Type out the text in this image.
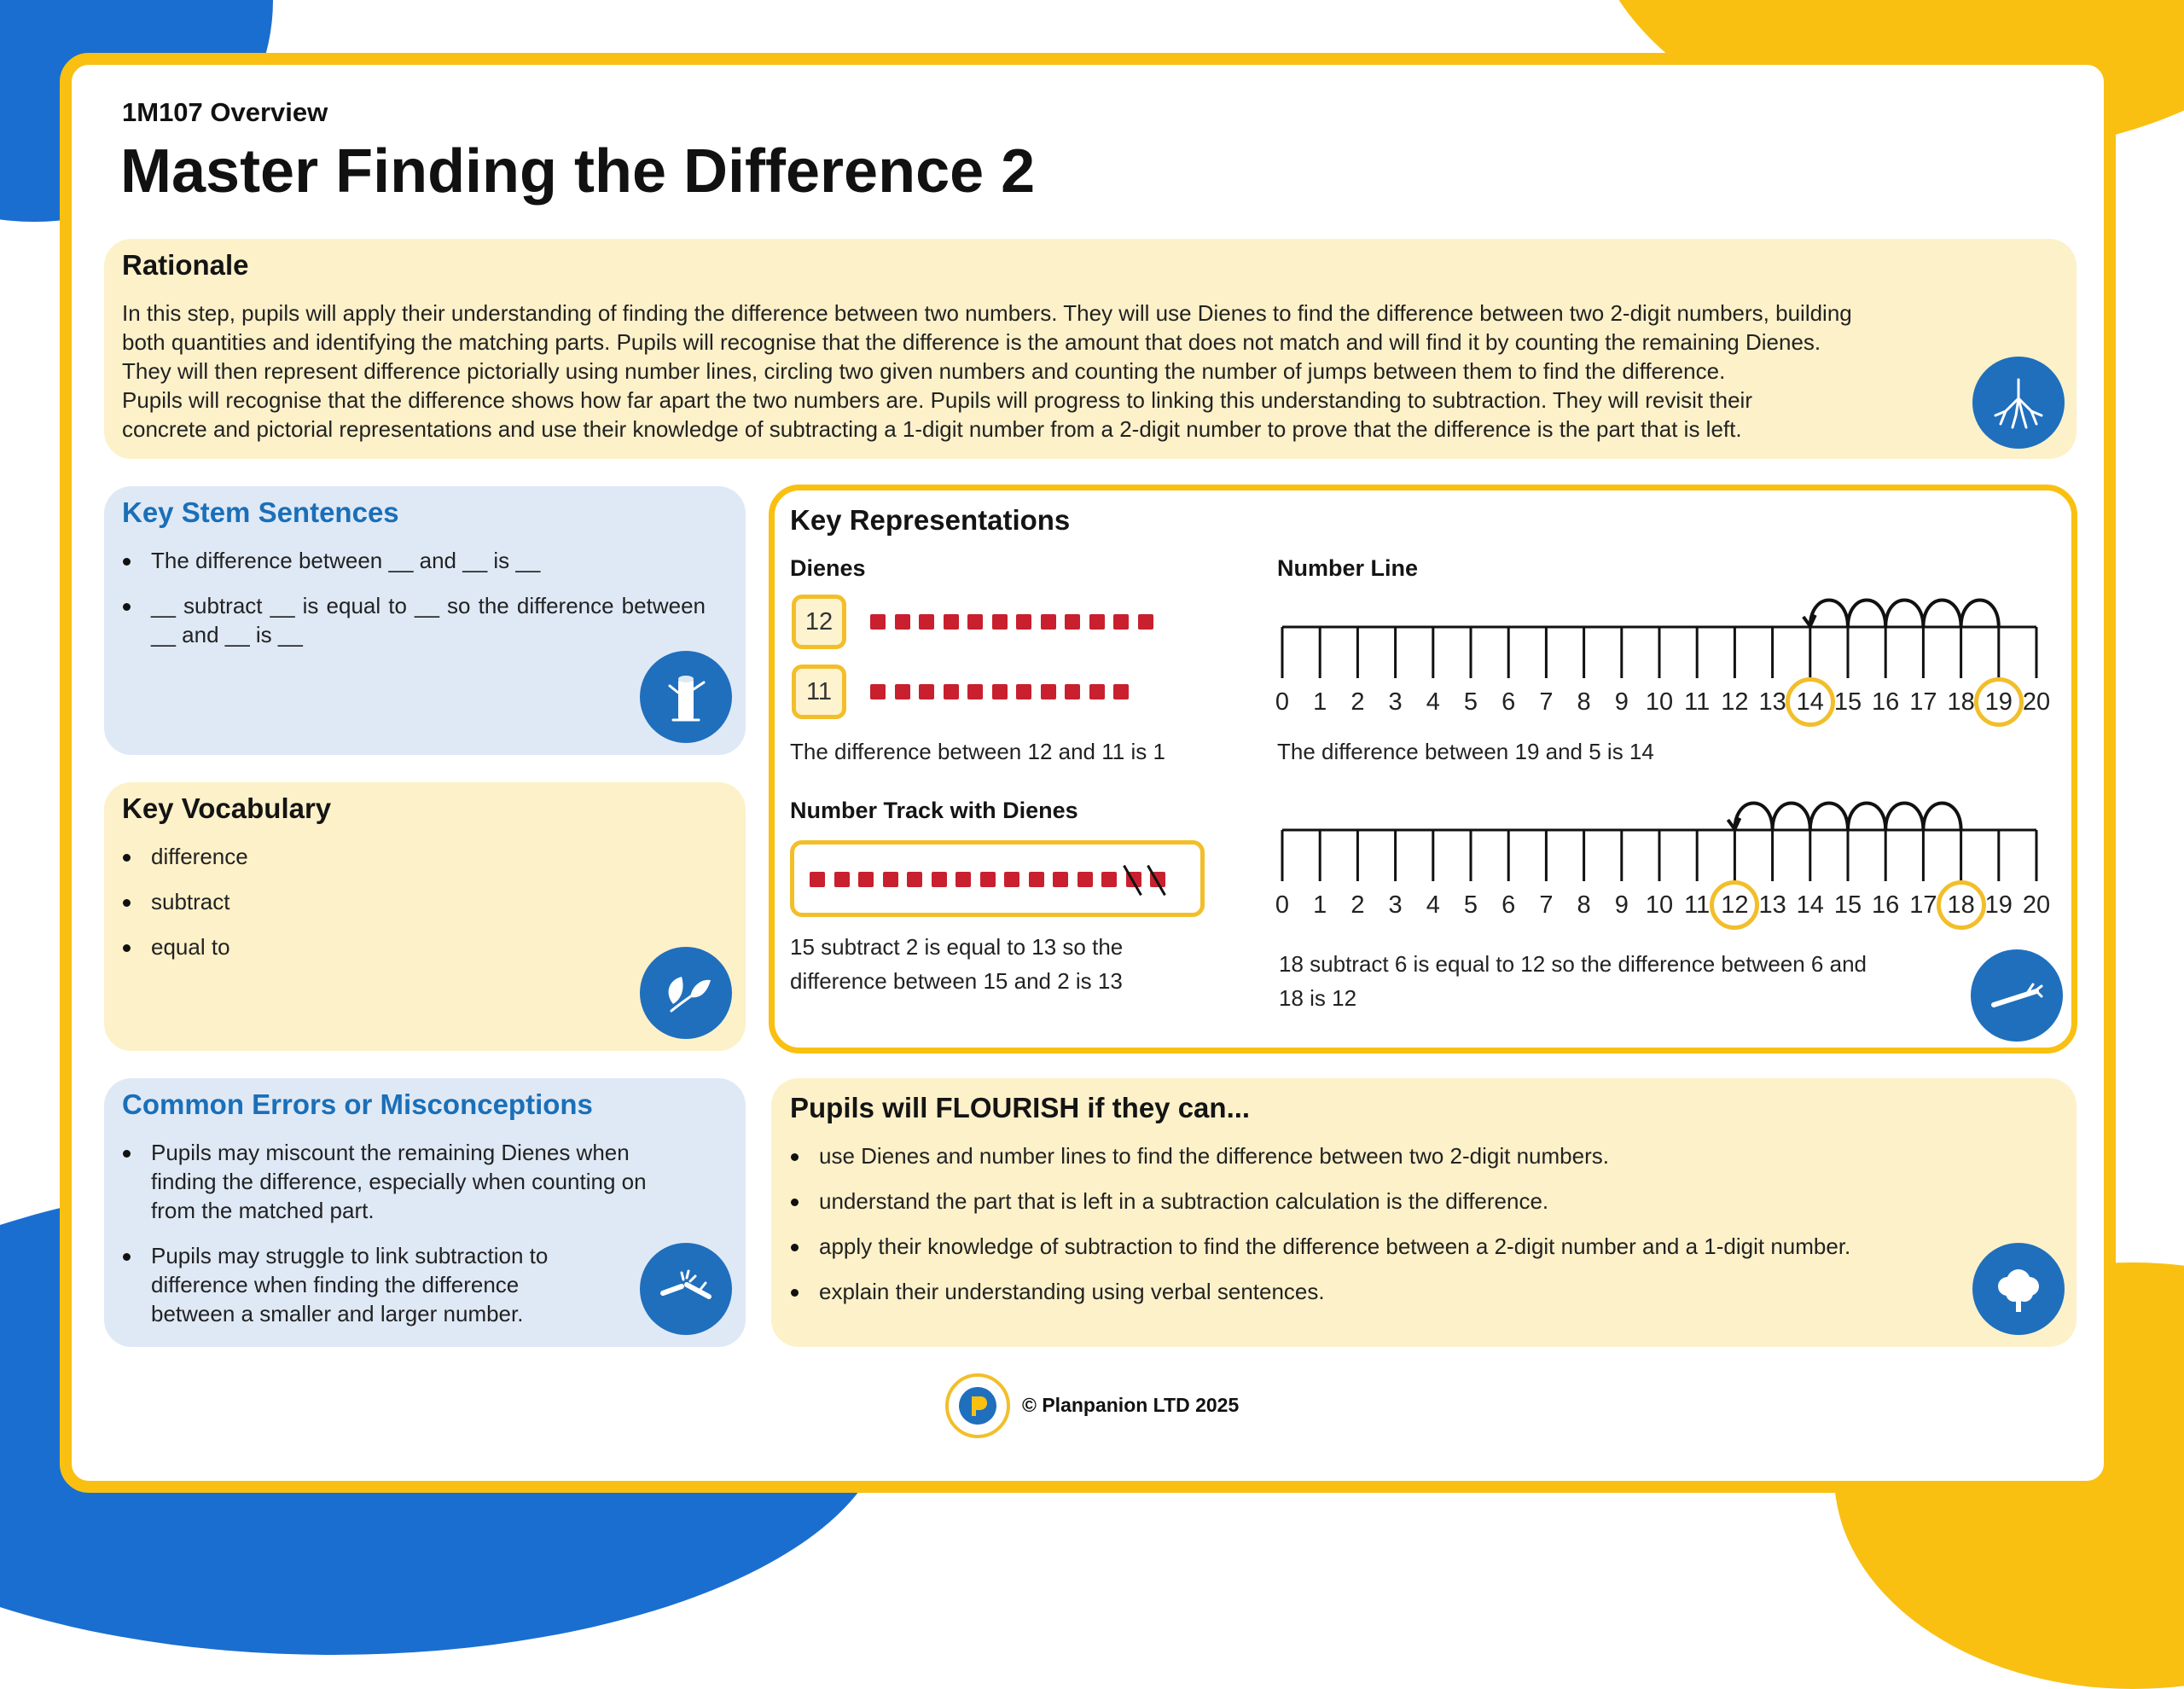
1M107 Overview
Master Finding the Difference 2
Rationale
In this step, pupils will apply their understanding of finding the difference between two numbers. They will use Dienes to find the difference between two 2-digit numbers, building
both quantities and identifying the matching parts. Pupils will recognise that the difference is the amount that does not match and will find it by counting the remaining Dienes.
They will then represent difference pictorially using number lines, circling two given numbers and counting the number of jumps between them to find the difference.
Pupils will recognise that the difference shows how far apart the two numbers are. Pupils will progress to linking this understanding to subtraction. They will revisit their
concrete and pictorial representations and use their knowledge of subtracting a 1-digit number from a 2-digit number to prove that the difference is the part that is left.
Key Stem Sentences
The difference between __ and __ is __
__ subtract __ is equal to __ so the difference between __ and __ is __
Key Vocabulary
difference
subtract
equal to
Common Errors or Misconceptions
Pupils may miscount the remaining Dienes when finding the difference, especially when counting on from the matched part.
Pupils may struggle to link subtraction to difference when finding the difference between a smaller and larger number.
Key Representations
Dienes
12
11
The difference between 12 and 11 is 1
Number Track with Dienes
15 subtract 2 is equal to 13 so the
difference between 15 and 2 is 13
Number Line
0 1 2 3 4 5 6 7 8 9 10 11 12 13 14 15 16 17 18 19 20
The difference between 19 and 5 is 14
0 1 2 3 4 5 6 7 8 9 10 11 12 13 14 15 16 17 18 19 20
18 subtract 6 is equal to 12 so the difference between 6 and
18 is 12
Pupils will FLOURISH if they can...
use Dienes and number lines to find the difference between two 2-digit numbers.
understand the part that is left in a subtraction calculation is the difference.
apply their knowledge of subtraction to find the difference between a 2-digit number and a 1-digit number.
explain their understanding using verbal sentences.
© Planpanion LTD 2025
